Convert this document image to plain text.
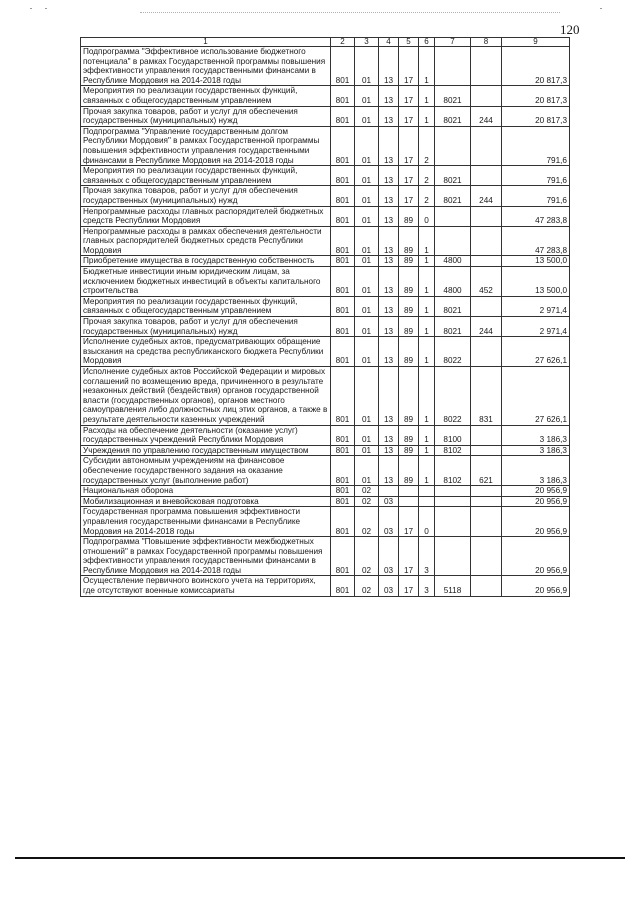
120
1	2	3	4	5	6	7	8	9
Подпрограмма "Эффективное использование бюджетного потенциала" в рамках Государственной программы повышения эффективности управления государственными финансами в Республике Мордовия на 2014-2018 годы	801	01	13	17	1			20 817,3
Мероприятия по реализации государственных функций, связанных с общегосударственным управлением	801	01	13	17	1	8021		20 817,3
Прочая закупка товаров, работ и услуг для обеспечения государственных (муниципальных) нужд	801	01	13	17	1	8021	244	20 817,3
Подпрограмма "Управление государственным долгом Республики Мордовия" в рамках Государственной программы повышения эффективности управления государственными финансами в Республике Мордовия на 2014-2018 годы	801	01	13	17	2			791,6
Мероприятия по реализации государственных функций, связанных с общегосударственным управлением	801	01	13	17	2	8021		791,6
Прочая закупка товаров, работ и услуг для обеспечения государственных (муниципальных) нужд	801	01	13	17	2	8021	244	791,6
Непрограммные расходы главных распорядителей бюджетных средств Республики Мордовия	801	01	13	89	0			47 283,8
Непрограммные расходы в рамках обеспечения деятельности главных распорядителей бюджетных средств Республики Мордовия	801	01	13	89	1			47 283,8
Приобретение имущества в государственную собственность	801	01	13	89	1	4800		13 500,0
Бюджетные инвестиции иным юридическим лицам, за исключением бюджетных инвестиций в объекты капитального строительства	801	01	13	89	1	4800	452	13 500,0
Мероприятия по реализации государственных функций, связанных с общегосударственным управлением	801	01	13	89	1	8021		2 971,4
Прочая закупка товаров, работ и услуг для обеспечения государственных (муниципальных) нужд	801	01	13	89	1	8021	244	2 971,4
Исполнение судебных актов, предусматривающих обращение взыскания на средства республиканского бюджета Республики Мордовия	801	01	13	89	1	8022		27 626,1
Исполнение судебных актов Российской Федерации и мировых соглашений по возмещению вреда, причиненного в результате незаконных действий (бездействия) органов государственной власти (государственных органов), органов местного самоуправления либо должностных лиц этих органов, а также в результате деятельности казенных учреждений	801	01	13	89	1	8022	831	27 626,1
Расходы на обеспечение деятельности (оказание услуг) государственных учреждений Республики Мордовия	801	01	13	89	1	8100		3 186,3
Учреждения по управлению государственным имуществом	801	01	13	89	1	8102		3 186,3
Субсидии автономным учреждениям на финансовое обеспечение государственного задания на оказание государственных услуг (выполнение работ)	801	01	13	89	1	8102	621	3 186,3
Национальная оборона	801	02						20 956,9
Мобилизационная и вневойсковая подготовка	801	02	03					20 956,9
Государственная программа повышения эффективности управления государственными финансами в Республике Мордовия на 2014-2018 годы	801	02	03	17	0			20 956,9
Подпрограмма "Повышение эффективности межбюджетных отношений" в рамках Государственной программы повышения эффективности управления государственными финансами в Республике Мордовия на 2014-2018 годы	801	02	03	17	3			20 956,9
Осуществление первичного воинского учета на территориях, где отсутствуют военные комиссариаты	801	02	03	17	3	5118		20 956,9
